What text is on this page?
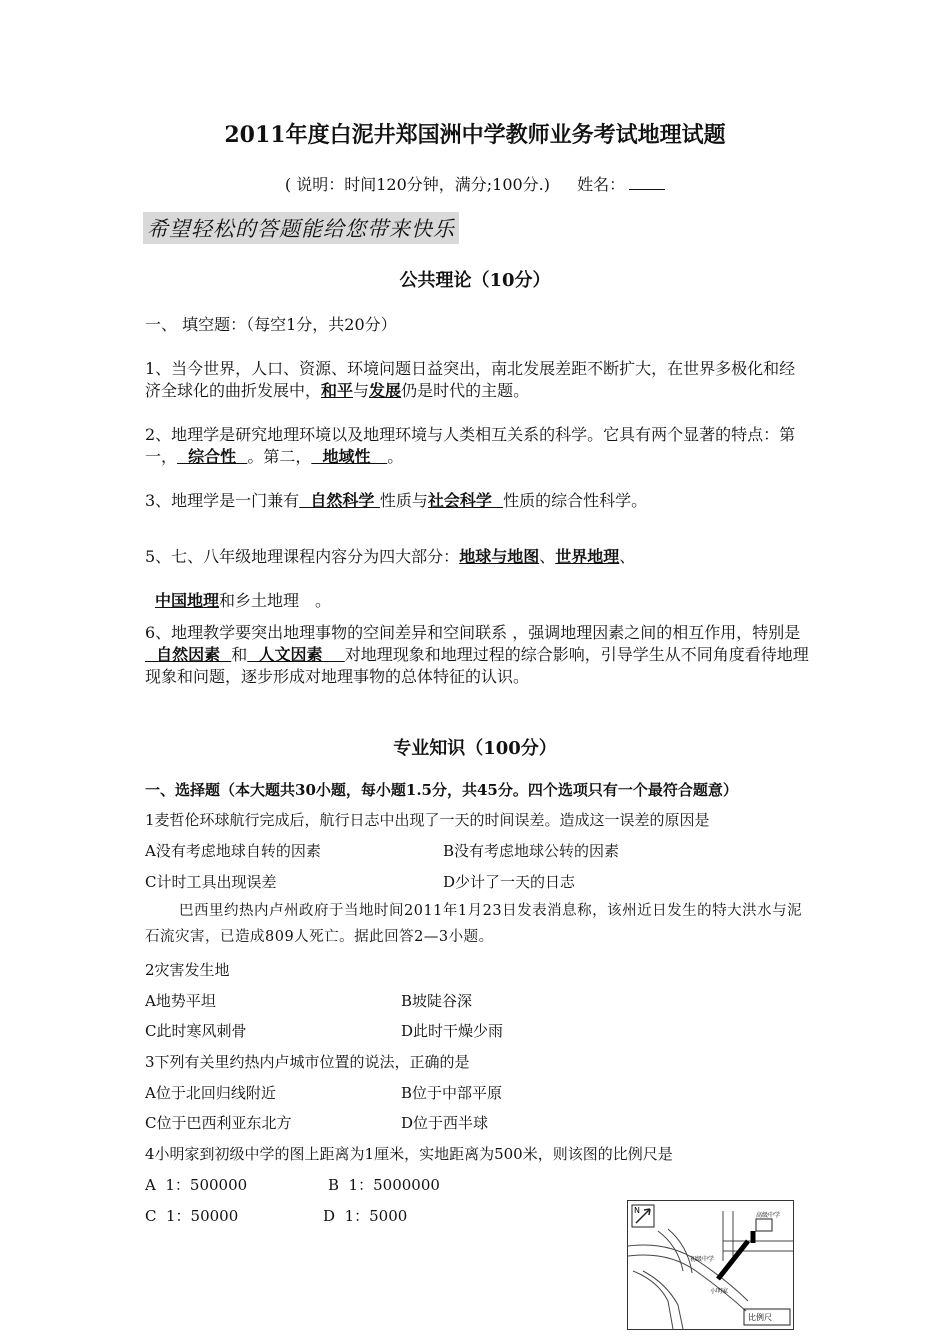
2011年度白泥井郑国洲中学教师业务考试地理试题
( 说明：时间120分钟，满分;100分.) 姓名：
希望轻松的答题能给您带来快乐
公共理论（10分）
一、 填空题：（每空1分，共20分）
1、当今世界，人口、资源、环境问题日益突出，南北发展差距不断扩大，在世界多极化和经济全球化的曲折发展中，和平与发展仍是时代的主题。
2、地理学是研究地理环境以及地理环境与人类相互关系的科学。它具有两个显著的特点：第一，  综合性  。第二，  地域性   。
3、地理学是一门兼有  自然科学 性质与社会科学  性质的综合性科学。
5、七、八年级地理课程内容分为四大部分：地球与地图、世界地理、
中国地理和乡土地理　。
6、地理教学要突出地理事物的空间差异和空间联系 ，强调地理因素之间的相互作用，特别是  自然因素  和  人文因素    对地理现象和地理过程的综合影响，引导学生从不同角度看待地理现象和问题，逐步形成对地理事物的总体特征的认识。
专业知识（100分）
一、选择题（本大题共30小题，每小题1.5分，共45分。四个选项只有一个最符合题意）
1麦哲伦环球航行完成后，航行日志中出现了一天的时间误差。造成这一误差的原因是
A没有考虑地球自转的因素	B没有考虑地球公转的因素
C计时工具出现误差	D少计了一天的日志
巴西里约热内卢州政府于当地时间2011年1月23日发表消息称，该州近日发生的特大洪水与泥石流灾害，已造成809人死亡。据此回答2—3小题。
2灾害发生地
A地势平坦	B坡陡谷深
C此时寒风刺骨	D此时干燥少雨
3下列有关里约热内卢城市位置的说法，正确的是
A位于北回归线附近	B位于中部平原
C位于巴西利亚东北方	D位于西半球
4小明家到初级中学的图上距离为1厘米，实地距离为500米，则该图的比例尺是
A  1：500000	B  1：5000000
C  1：50000	D  1：5000	N
高级中学
初级中学
小明家
比例尺
